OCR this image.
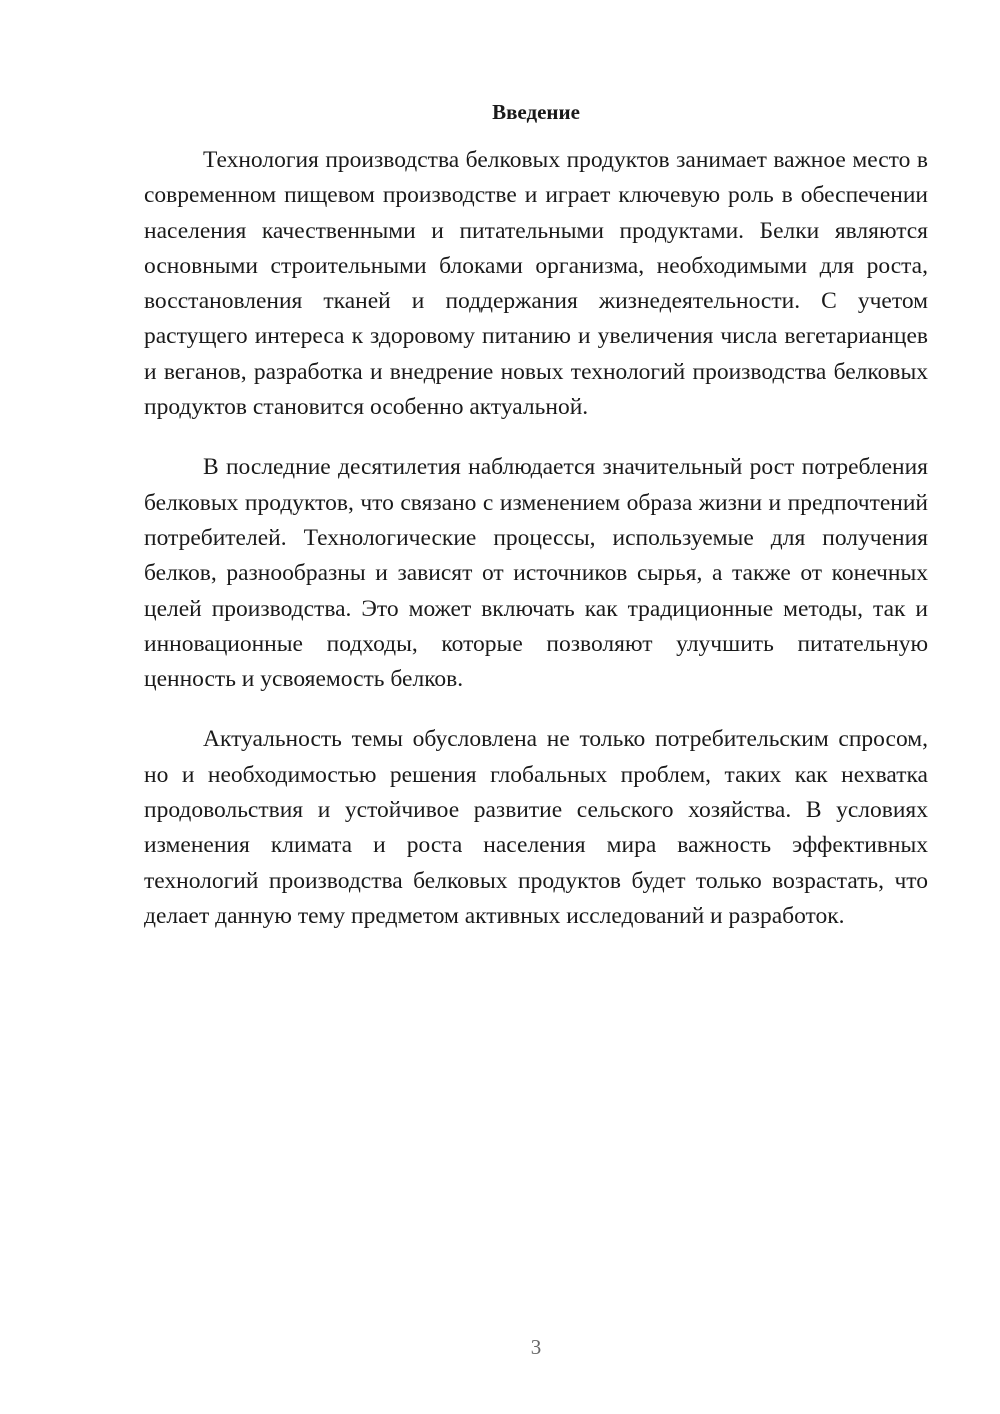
Введение

Технология производства белковых продуктов занимает важное место в современном пищевом производстве и играет ключевую роль в обеспечении населения качественными и питательными продуктами. Белки являются основными строительными блоками организма, необходимыми для роста, восстановления тканей и поддержания жизнедеятельности. С учетом растущего интереса к здоровому питанию и увеличения числа вегетарианцев и веганов, разработка и внедрение новых технологий производства белковых продуктов становится особенно актуальной.

В последние десятилетия наблюдается значительный рост потребления белковых продуктов, что связано с изменением образа жизни и предпочтений потребителей. Технологические процессы, используемые для получения белков, разнообразны и зависят от источников сырья, а также от конечных целей производства. Это может включать как традиционные методы, так и инновационные подходы, которые позволяют улучшить питательную ценность и усвояемость белков.

Актуальность темы обусловлена не только потребительским спросом, но и необходимостью решения глобальных проблем, таких как нехватка продовольствия и устойчивое развитие сельского хозяйства. В условиях изменения климата и роста населения мира важность эффективных технологий производства белковых продуктов будет только возрастать, что делает данную тему предметом активных исследований и разработок.

3
